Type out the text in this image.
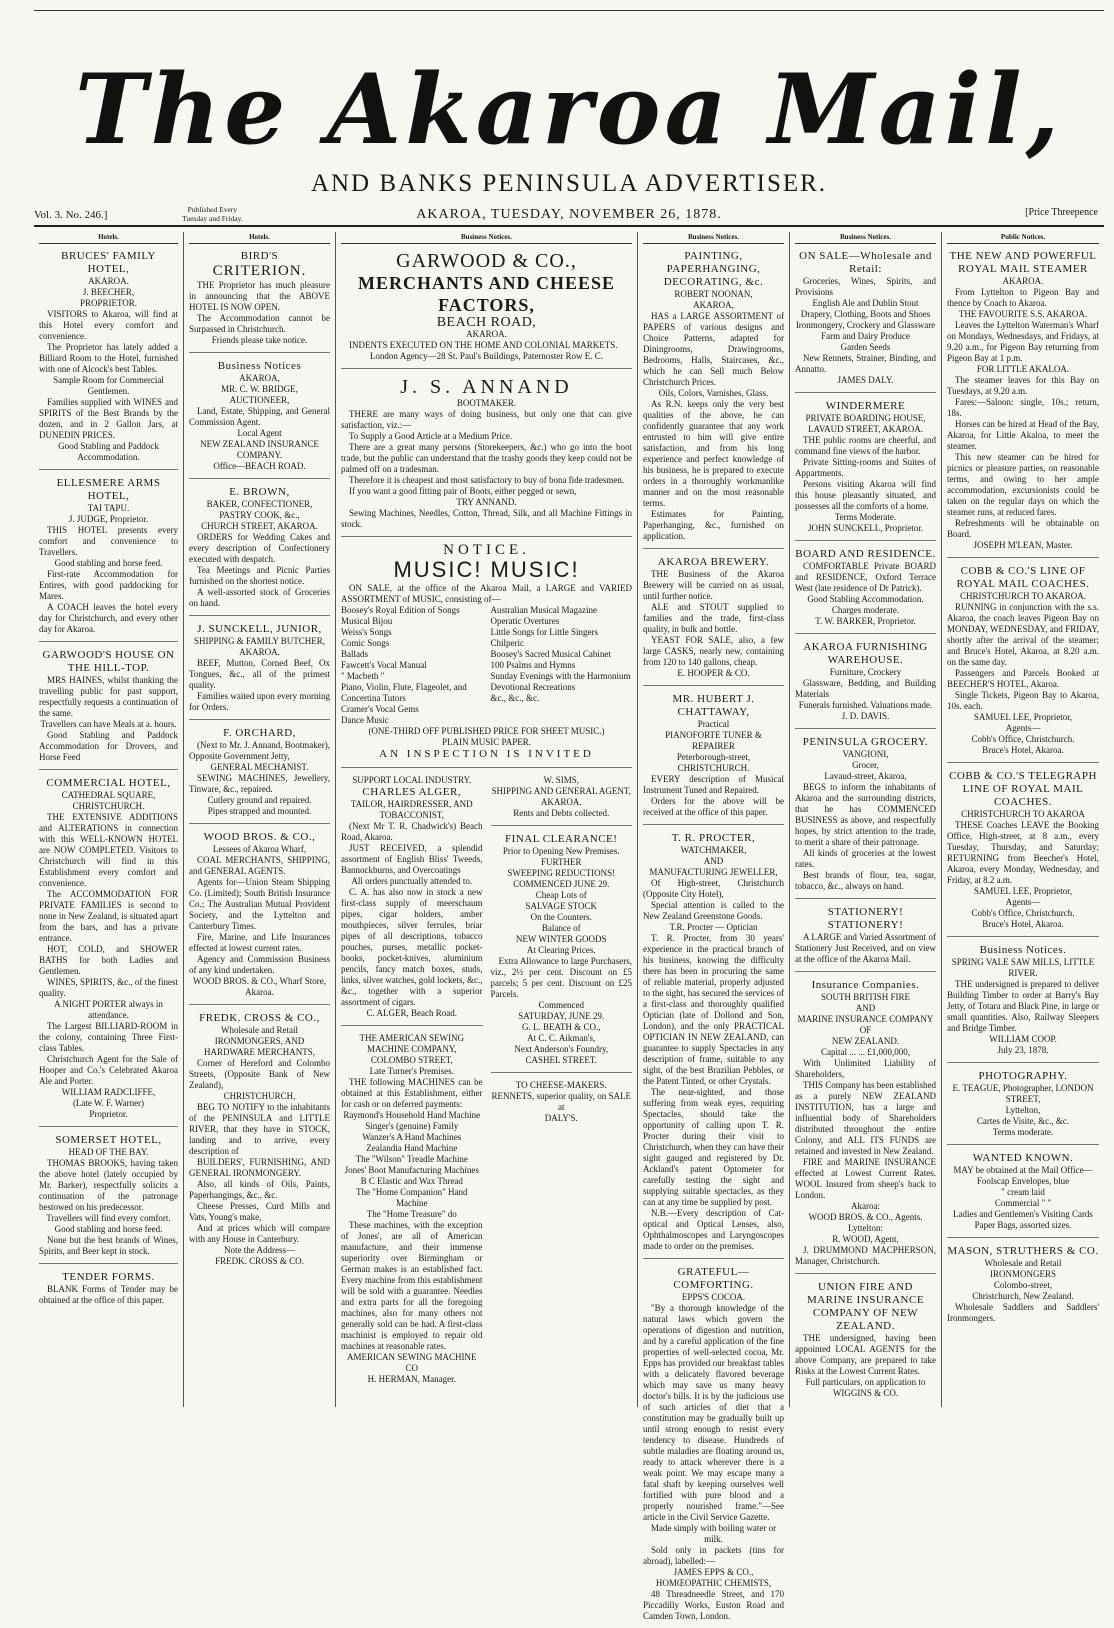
The Akaroa Mail,
AND BANKS PENINSULA ADVERTISER.
Vol. 3. No. 246.]	Published Every
Tuesday and Friday.	AKAROA, TUESDAY, NOVEMBER 26, 1878.	[Price Threepence
Hotels.
BRUCES' FAMILY HOTEL,
AKAROA.
J. BEECHER,
PROPRIETOR.
VISITORS to Akaroa, will find at this Hotel every comfort and convenience.
The Proprietor has lately added a Billiard Room to the Hotel, furnished with one of Alcock's best Tables.
Sample Room for Commercial Gentlemen.
Families supplied with WINES and SPIRITS of the Best Brands by the dozen, and in 2 Gallon Jars, at DUNEDIN PRICES.
Good Stabling and Paddock Accommodation.
ELLESMERE ARMS HOTEL,
TAI TAPU.
J. JUDGE, Proprietor.
THIS HOTEL presents every comfort and convenience to Travellers.
Good stabling and horse feed.
First-rate Accommodation for Entires, with good paddocking for Mares.
A COACH leaves the hotel every day for Christchurch, and every other day for Akaroa.
GARWOOD'S HOUSE ON THE HILL-TOP.
MRS HAINES, whilst thanking the travelling public for past support, respectfully requests a continuation of the same.
Travellers can have Meals at a. hours.
Good Stabling and Paddock Accommodation for Drovers, and Horse Feed
COMMERCIAL HOTEL,
CATHEDRAL SQUARE,
CHRISTCHURCH.
THE EXTENSIVE ADDITIONS and ALTERATIONS in connection with this WELL-KNOWN HOTEL are NOW COMPLETED. Visitors to Christchurch will find in this Establishment every comfort and convenience.
The ACCOMMODATION FOR PRIVATE FAMILIES is second to none in New Zealand, is situated apart from the bars, and has a private entrance.
HOT, COLD, and SHOWER BATHS for both Ladies and Gentlemen.
WINES, SPIRITS, &c., of the finest quality.
A NIGHT PORTER always in attendance.
The Largest BILLIARD-ROOM in the colony, containing Three First-class Tables.
Christchurch Agent for the Sale of Hooper and Co.'s Celebrated Akaroa Ale and Porter.
WILLIAM RADCLIFFE,
(Late W. F. Warner)
Proprietor.
SOMERSET HOTEL,
HEAD OF THE BAY.
THOMAS BROOKS, having taken the above hotel (lately occupied by Mr. Barker), respectfully solicits a continuation of the patronage bestowed on his predecessor.
Travellers will find every comfort.
Good stabling and horse feed.
None but the best brands of Wines, Spirits, and Beer kept in stock.
TENDER FORMS.
BLANK Forms of Tender may be obtained at the office of this paper.
Hotels.
BIRD'S
CRITERION.
THE Proprietor has much pleasure in announcing that the ABOVE HOTEL IS NOW OPEN.
The Accommodation cannot be Surpassed in Christchurch.
Friends please take notice.
Business Notices
AKAROA,
MR. C. W. BRIDGE,
AUCTIONEER,
Land, Estate, Shipping, and General Commission Agent.
Local Agent
NEW ZEALAND INSURANCE COMPANY.
Office—BEACH ROAD.
E. BROWN,
BAKER, CONFECTIONER, PASTRY COOK, &c.,
CHURCH STREET, AKAROA.
ORDERS for Wedding Cakes and every description of Confectionery executed with despatch.
Tea Meetings and Picnic Parties furnished on the shortest notice.
A well-assorted stock of Groceries on hand.
J. SUNCKELL, JUNIOR,
SHIPPING & FAMILY BUTCHER, AKAROA.
BEEF, Mutton, Corned Beef, Ox Tongues, &c., all of the primest quality.
Families waited upon every morning for Orders.
F. ORCHARD,
(Next to Mr. J. Annand, Bootmaker), Opposite Government Jetty,
GENERAL MECHANIST.
SEWING MACHINES, Jewellery, Tinware, &c., repaired.
Cutlery ground and repaired.
Pipes strapped and mounted.
WOOD BROS. & CO.,
Lessees of Akaroa Wharf,
COAL MERCHANTS, SHIPPING, and GENERAL AGENTS.
Agents for—Union Steam Shipping Co. (Limited); South British Insurance Co.; The Australian Mutual Provident Society, and the Lyttelton and Canterbury Times.
Fire, Marine, and Life Insurances effected at lowest current rates.
Agency and Commission Business of any kind undertaken.
WOOD BROS. & CO., Wharf Store, Akaroa.
FREDK. CROSS & CO.,
Wholesale and Retail
IRONMONGERS, AND HARDWARE MERCHANTS,
Corner of Hereford and Colombo Streets, (Opposite Bank of New Zealand),
CHRISTCHURCH,
BEG TO NOTIFY to the inhabitants of the PENINSULA and LITTLE RIVER, that they have in STOCK, landing and to arrive, every description of
BUILDERS', FURNISHING, AND GENERAL IRONMONGERY.
Also, all kinds of Oils, Paints, Paperhangings, &c., &c.
Cheese Presses, Curd Mills and Vats, Young's make,
And at prices which will compare with any House in Canterbury.
Note the Address—
FREDK. CROSS & CO.
Business Notices.
GARWOOD & CO.,
MERCHANTS AND CHEESE FACTORS,
BEACH ROAD,
AKAROA.

INDENTS EXECUTED ON THE HOME AND COLONIAL MARKETS.

London Agency—28 St. Paul's Buildings, Paternoster Row E. C.
J. S. ANNAND
BOOTMAKER.
THERE are many ways of doing business, but only one that can give satisfaction, viz.:—
To Supply a Good Article at a Medium Price.
There are a great many persons (Storekeepers, &c.) who go into the boot trade, but the public can understand that the trashy goods they keep could not be palmed off on a tradesman.
Therefore it is cheapest and most satisfactory to buy of bona fide tradesmen.
If you want a good fitting pair of Boots, either pegged or sewn,
TRY ANNAND.
Sewing Machines, Needles, Cotton, Thread, Silk, and all Machine Fittings in stock.
NOTICE.
MUSIC! MUSIC!

ON SALE, at the office of the Akaroa Mail, a LARGE and VARIED ASSORTMENT of MUSIC, consisting of—

Boosey's Royal Edition of Songs
Musical Bijou
Weiss's Songs
Comic Songs
Ballads
Fawcett's Vocal Manual
" Macbeth "
Piano, Violin, Flute, Flageolet, and Concertina Tutors
Cramer's Vocal Gems
Dance Music
Australian Musical Magazine
Operatic Overtures
Little Songs for Little Singers
Chilperic
Boosey's Sacred Musical Cabinet
100 Psalms and Hymns
Sunday Evenings with the Harmonium
Devotional Recreations
&c., &c., &c.
(ONE-THIRD OFF PUBLISHED PRICE FOR SHEET MUSIC.)
PLAIN MUSIC PAPER.
AN INSPECTION IS INVITED
SUPPORT LOCAL INDUSTRY.
CHARLES ALGER,
TAILOR, HAIRDRESSER, AND TOBACCONIST,
(Next Mr T. R. Chadwick's) Beach Road, Akaroa.
JUST RECEIVED, a splendid assortment of English Bliss' Tweeds, Bannockburns, and Overcoatings
All orders punctually attended to.
C. A. has also now in stock a new first-class supply of meerschaum pipes, cigar holders, amber mouthpieces, silver ferrules, briar pipes of all descriptions, tobacco pouches, purses, metallic pocket-books, pocket-knives, aluminium pencils, fancy match boxes, studs, links, silver watches, gold lockets, &c., &c., together with a superior assortment of cigars.
C. ALGER, Beach Road.
THE AMERICAN SEWING MACHINE COMPANY,
COLOMBO STREET,
Late Turner's Premises.
THE following MACHINES can be obtained at this Establishment, either for cash or on deferred payments:
Raymond's Household Hand Machine
Singer's (genuine) Family
Wanzer's A Hand Machines
Zealandia Hand Machine
The "Wilson" Treadle Machine
Jones' Boot Manufacturing Machines
B C Elastic and Wax Thread
The "Home Companion" Hand Machine
The "Home Treasure" do
These machines, with the exception of Jones', are all of American manufacture, and their immense superiority over Birmingham or German makes is an established fact. Every machine from this establishment will be sold with a guarantee. Needles and extra parts for all the foregoing machines, also for many others not generally sold can be had. A first-class machinist is employed to repair old machines at reasonable rates.
AMERICAN SEWING MACHINE CO
H. HERMAN, Manager.
W. SIMS,
SHIPPING AND GENERAL AGENT, AKAROA.
Rents and Debts collected.
FINAL CLEARANCE!
Prior to Opening New Premises.
FURTHER
SWEEPING REDUCTIONS!
COMMENCED JUNE 29.
Cheap Lots of
SALVAGE STOCK
On the Counters.
Balance of
NEW WINTER GOODS
At Clearing Prices.
Extra Allowance to large Purchasers, viz., 2½ per cent. Discount on £5 parcels; 5 per cent. Discount on £25 Parcels.
Commenced
SATURDAY, JUNE 29.
G. L. BEATH & CO.,
At C. C. Aikman's,
Next Anderson's Foundry,
CASHEL STREET.
TO CHEESE-MAKERS.
RENNETS, superior quality, on SALE at
DALY'S.
Business Notices.
PAINTING, PAPERHANGING, DECORATING, &c.
ROBERT NOONAN,
AKAROA,
HAS a LARGE ASSORTMENT of PAPERS of various designs and Choice Patterns, adapted for Diningrooms, Drawingrooms, Bedrooms, Halls, Staircases, &c., which he can Sell much Below Christchurch Prices.
Oils, Colors, Varnishes, Glass.
As R.N. keeps only the very best qualities of the above, he can confidently guarantee that any work entrusted to him will give entire satisfaction, and from his long experience and perfect knowledge of his business, he is prepared to execute orders in a thoroughly workmanlike manner and on the most reasonable terms.
Estimates for Painting, Paperhanging, &c., furnished on application.
AKAROA BREWERY.
THE Business of the Akaroa Brewery will be carried on as usual, until further notice.
ALE and STOUT supplied to families and the trade, first-class quality, in bulk and bottle.
YEAST FOR SALE, also, a few large CASKS, nearly new, containing from 120 to 140 gallons, cheap.
E. HOOPER & CO.
MR. HUBERT J. CHATTAWAY,
Practical
PIANOFORTE TUNER & REPAIRER
Peterborough-street,
CHRISTCHURCH.
EVERY description of Musical Instrument Tuned and Repaired.
Orders for the above will be received at the office of this paper.
T. R. PROCTER,
WATCHMAKER,
AND
MANUFACTURING JEWELLER,
Of High-street, Christchurch (Opposite City Hotel),
Special attention is called to the New Zealand Greenstone Goods.
T.R. Procter — Optician
T. R. Procter, from 30 years' experience in the practical branch of his business, knowing the difficulty there has been in procuring the same of reliable material, properly adjusted to the sight, has secured the services of a first-class and thoroughly qualified Optician (late of Dollond and Son, London), and the only PRACTICAL OPTICIAN IN NEW ZEALAND, can guarantee to supply Spectacles in any description of frame, suitable to any sight, of the best Brazilian Pebbles, or the Patent Tinted, or other Crystals.
The near-sighted, and those suffering from weak eyes, requiring Spectacles, should take the opportunity of calling upon T. R. Procter during their visit to Christchurch, when they can have their sight gauged and registered by Dr. Ackland's patent Optometer for carefully testing the sight and supplying suitable spectacles, as they can at any time be supplied by post.
N.B.—Every description of Cat-optical and Optical Lenses, also, Ophthalmoscopes and Laryngoscopes made to order on the premises.
GRATEFUL—COMFORTING.
EPPS'S COCOA.
"By a thorough knowledge of the natural laws which govern the operations of digestion and nutrition, and by a careful application of the fine properties of well-selected cocoa, Mr. Epps has provided our breakfast tables with a delicately flavored beverage which may save us many heavy doctor's bills. It is by the judicious use of such articles of diet that a constitution may be gradually built up until strong enough to resist every tendency to disease. Hundreds of subtle maladies are floating around us, ready to attack wherever there is a weak point. We may escape many a fatal shaft by keeping ourselves well fortified with pure blood and a properly nourished frame."—See article in the Civil Service Gazette.
Made simply with boiling water or milk.
Sold only in packets (tins for abroad), labelled:—
JAMES EPPS & CO.,
HOMŒOPATHIC CHEMISTS,
48 Threadneedle Street, and 170 Piccadilly Works, Euston Road and Camden Town, London.
Business Notices.
ON SALE—Wholesale and Retail:
Groceries, Wines, Spirits, and Provisions
English Ale and Dublin Stout
Drapery, Clothing, Boots and Shoes
Ironmongery, Crockery and Glassware
Farm and Dairy Produce
Garden Seeds
New Rennets, Strainer, Binding, and Annatto.
JAMES DALY.
WINDERMERE
PRIVATE BOARDING HOUSE,
LAVAUD STREET, AKAROA.
THE public rooms are cheerful, and command fine views of the harbor.
Private Sitting-rooms and Suites of Appartments.
Persons visiting Akaroa will find this house pleasantly situated, and possesses all the comforts of a home.
Terms Moderate.
JOHN SUNCKELL, Proprietor.
BOARD AND RESIDENCE.
COMFORTABLE Private BOARD and RESIDENCE, Oxford Terrace West (late residence of Dr Patrick).
Good Stabling Accommodation.
Charges moderate.
T. W. BARKER, Proprietor.
AKAROA FURNISHING WAREHOUSE.
Furniture, Crockery
Glassware, Bedding, and Building Materials
Funerals furnished. Valuations made.
J. D. DAVIS.
PENINSULA GROCERY.
VANGIONI,
Grocer,
Lavaud-street, Akaroa,
BEGS to inform the inhabitants of Akaroa and the surrounding districts, that he has COMMENCED BUSINESS as above, and respectfully hopes, by strict attention to the trade, to merit a share of their patronage.
All kinds of groceries at the lowest rates.
Best brands of flour, tea, sugar, tobacco, &c., always on hand.
STATIONERY! STATIONERY!
A LARGE and Varied Assortment of Stationery Just Received, and on view at the office of the Akaroa Mail.
Insurance Companies.
SOUTH BRITISH FIRE
AND
MARINE INSURANCE COMPANY
OF
NEW ZEALAND.
Capital ... ... £1,000,000,
With Unlimited Liability of Shareholders,
THIS Company has been established as a purely NEW ZEALAND INSTITUTION, has a large and influential body of Shareholders distributed throughout the entire Colony, and ALL ITS FUNDS are retained and invested in New Zealand.
FIRE and MARINE INSURANCE effected at Lowest Current Rates. WOOL Insured from sheep's back to London.
Akaroa:
WOOD BROS. & CO., Agents.
Lyttelton:
R. WOOD, Agent,
J. DRUMMOND MACPHERSON, Manager, Christchurch.
UNION FIRE AND MARINE INSURANCE COMPANY OF NEW ZEALAND.
THE undersigned, having been appointed LOCAL AGENTS for the above Company, are prepared to take Risks at the Lowest Current Rates.
Full particulars, on application to
WIGGINS & CO.
Public Notices.
THE NEW AND POWERFUL ROYAL MAIL STEAMER
AKAROA.
From Lyttelton to Pigeon Bay and thence by Coach to Akaroa.
THE FAVOURITE S.S. AKAROA.
Leaves the Lyttelton Waterman's Wharf on Mondays, Wednesdays, and Fridays, at 9.20 a.m., for Pigeon Bay returning from Pigeon Bay at 1 p.m.
FOR LITTLE AKALOA.
The steamer leaves for this Bay on Tuesdays, at 9.20 a.m.
Fares:—Saloon: single, 10s.; return, 18s.
Horses can be hired at Head of the Bay, Akaroa, for Little Akaloa, to meet the steamer.
This new steamer can be hired for picnics or pleasure parties, on reasonable terms, and owing to her ample accommodation, excursionists could be taken on the regular days on which the steamer runs, at reduced fares.
Refreshments will be obtainable on Board.
JOSEPH M'LEAN, Master.
COBB & CO.'S LINE OF ROYAL MAIL COACHES.
CHRISTCHURCH TO AKAROA.
RUNNING in conjunction with the s.s. Akaroa, the coach leaves Pigeon Bay on MONDAY, WEDNESDAY, and FRIDAY, shortly after the arrival of the steamer; and Bruce's Hotel, Akaroa, at 8.20 a.m. on the same day.
Passengers and Parcels Booked at BEECHER'S HOTEL, Akaroa.
Single Tickets, Pigeon Bay to Akaroa, 10s. each.
SAMUEL LEE, Proprietor,
Agents—
Cobb's Office, Christchurch.
Bruce's Hotel, Akaroa.
COBB & CO.'S TELEGRAPH LINE OF ROYAL MAIL COACHES.
CHRISTCHURCH TO AKAROA
THESE Coaches LEAVE the Booking Office, High-street, at 8 a.m., every Tuesday, Thursday, and Saturday; RETURNING from Beecher's Hotel, Akaroa, every Monday, Wednesday, and Friday, at 8.2 a.m.
SAMUEL LEE, Proprietor,
Agents—
Cobb's Office, Christchurch.
Bruce's Hotel, Akaroa.
Business Notices.
SPRING VALE SAW MILLS, LITTLE RIVER.
THE undersigned is prepared to deliver Building Timber to order at Barry's Bay Jetty, of Totara and Black Pine, in large or small quantities. Also, Railway Sleepers and Bridge Timber.
WILLIAM COOP.
July 23, 1878.
PHOTOGRAPHY.
E. TEAGUE, Photographer, LONDON STREET,
Lyttelton,
Cartes de Visite, &c., &c.
Terms moderate.
WANTED KNOWN.
MAY be obtained at the Mail Office—
Foolscap Envelopes, blue
" cream laid
Commercial " "
Ladies and Gentlemen's Visiting Cards
Paper Bags, assorted sizes.
MASON, STRUTHERS & CO.
Wholesale and Retail
IRONMONGERS
Colombo-street,
Christchurch, New Zealand.
Wholesale Saddlers and Saddlers' Ironmongers.
